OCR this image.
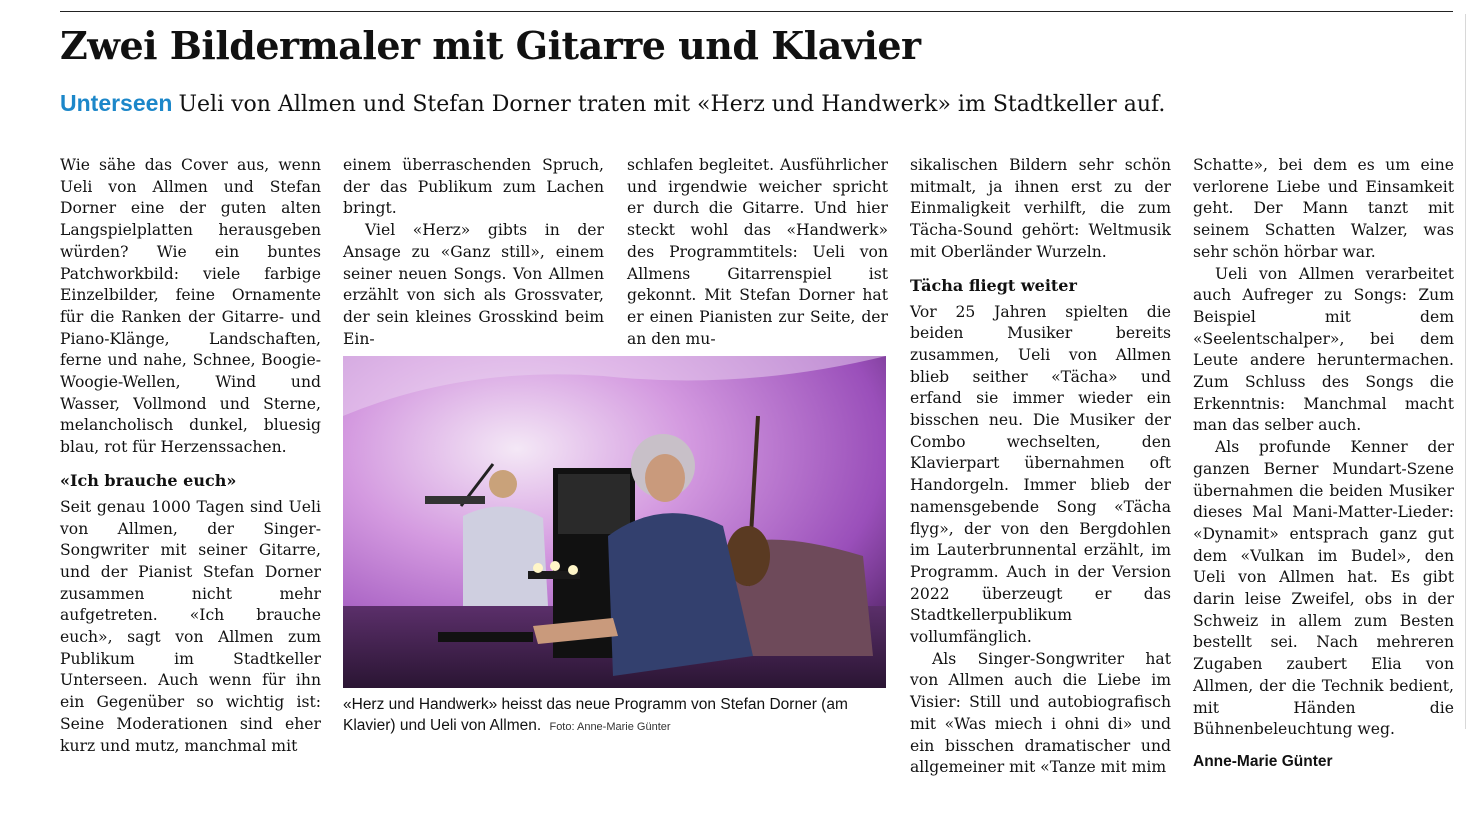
Zwei Bildermaler mit Gitarre und Klavier
Unterseen Ueli von Allmen und Stefan Dorner traten mit «Herz und Handwerk» im Stadtkeller auf.

Wie sähe das Cover aus, wenn Ueli von Allmen und Stefan Dorner eine der guten alten Langspielplatten herausgeben würden? Wie ein buntes Patchworkbild: viele farbige Einzelbilder, feine Ornamente für die Ranken der Gitarre- und Piano-Klänge, Landschaften, ferne und nahe, Schnee, Boogie-Woogie-Wellen, Wind und Wasser, Vollmond und Sterne, melancholisch dunkel, bluesig blau, rot für Herzenssachen.

«Ich brauche euch»

Seit genau 1000 Tagen sind Ueli von Allmen, der Singer-Songwriter mit seiner Gitarre, und der Pianist Stefan Dorner zusammen nicht mehr aufgetreten. «Ich brauche euch», sagt von Allmen zum Publikum im Stadtkeller Unterseen. Auch wenn für ihn ein Gegenüber so wichtig ist: Seine Moderationen sind eher kurz und mutz, manchmal mit

einem überraschenden Spruch, der das Publikum zum Lachen bringt.

Viel «Herz» gibts in der Ansage zu «Ganz still», einem seiner neuen Songs. Von Allmen erzählt von sich als Grossvater, der sein kleines Grosskind beim Ein-

schlafen begleitet. Ausführlicher und irgendwie weicher spricht er durch die Gitarre. Und hier steckt wohl das «Handwerk» des Programmtitels: Ueli von Allmens Gitarrenspiel ist gekonnt. Mit Stefan Dorner hat er einen Pianisten zur Seite, der an den mu-

sikalischen Bildern sehr schön mitmalt, ja ihnen erst zu der Einmaligkeit verhilft, die zum Tächa-Sound gehört: Weltmusik mit Oberländer Wurzeln.

Tächa fliegt weiter

Vor 25 Jahren spielten die beiden Musiker bereits zusammen, Ueli von Allmen blieb seither «Tächa» und erfand sie immer wieder ein bisschen neu. Die Musiker der Combo wechselten, den Klavierpart übernahmen oft Handorgeln. Immer blieb der namensgebende Song «Tächa flyg», der von den Bergdohlen im Lauterbrunnental erzählt, im Programm. Auch in der Version 2022 überzeugt er das Stadtkellerpublikum vollumfänglich.

Als Singer-Songwriter hat von Allmen auch die Liebe im Visier: Still und autobiografisch mit «Was miech i ohni di» und ein bisschen dramatischer und allgemeiner mit «Tanze mit mim

Schatte», bei dem es um eine verlorene Liebe und Einsamkeit geht. Der Mann tanzt mit seinem Schatten Walzer, was sehr schön hörbar war.

Ueli von Allmen verarbeitet auch Aufreger zu Songs: Zum Beispiel mit dem «Seelentschalper», bei dem Leute andere heruntermachen. Zum Schluss des Songs die Erkenntnis: Manchmal macht man das selber auch.

Als profunde Kenner der ganzen Berner Mundart-Szene übernahmen die beiden Musiker dieses Mal Mani-Matter-Lieder: «Dynamit» entsprach ganz gut dem «Vulkan im Budel», den Ueli von Allmen hat. Es gibt darin leise Zweifel, obs in der Schweiz in allem zum Besten bestellt sei. Nach mehreren Zugaben zaubert Elia von Allmen, der die Technik bedient, mit Händen die Bühnenbeleuchtung weg.

Anne-Marie Günter
«Herz und Handwerk» heisst das neue Programm von Stefan Dorner (am Klavier) und Ueli von Allmen. Foto: Anne-Marie Günter
